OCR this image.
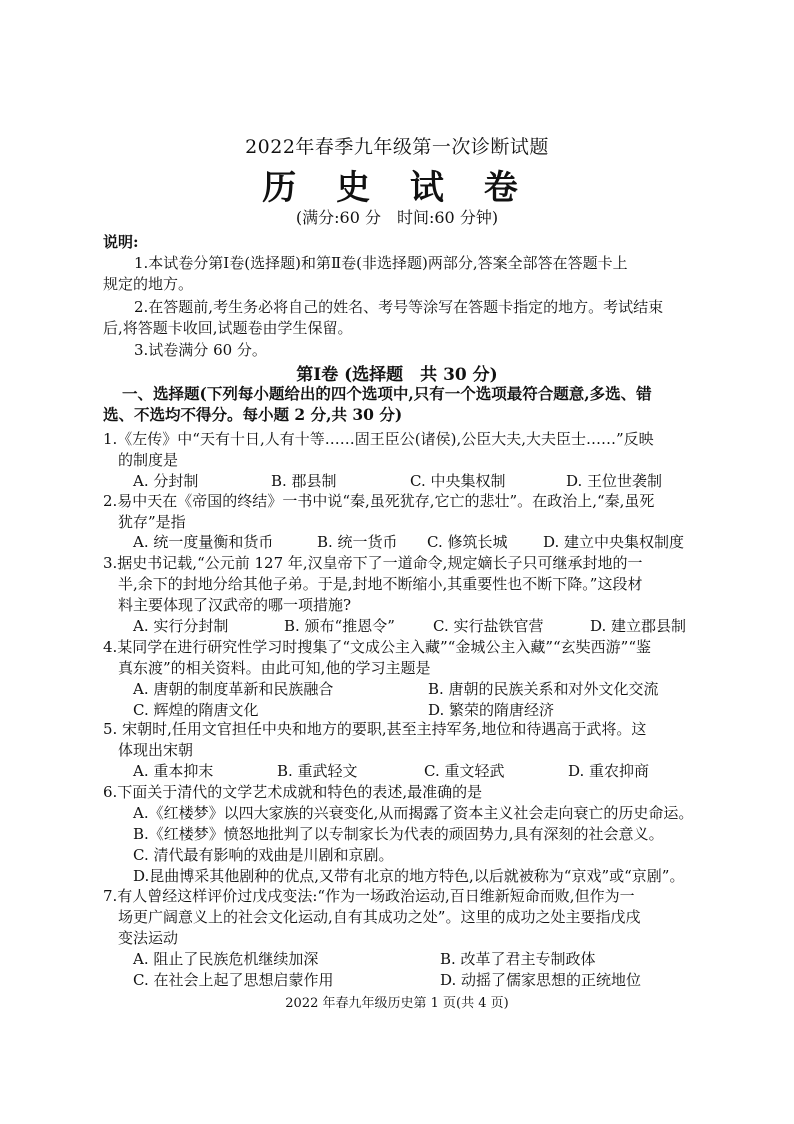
2022年春季九年级第一次诊断试题
历 史 试 卷
(满分:60 分　时间:60 分钟)
说明:
1.本试卷分第Ⅰ卷(选择题)和第Ⅱ卷(非选择题)两部分,答案全部答在答题卡上
规定的地方。
2.在答题前,考生务必将自己的姓名、考号等涂写在答题卡指定的地方。考试结束
后,将答题卡收回,试题卷由学生保留。
3.试卷满分 60 分。
第Ⅰ卷 (选择题　共 30 分)
一、选择题(下列每小题给出的四个选项中,只有一个选项最符合题意,多选、错
选、不选均不得分。每小题 2 分,共 30 分)
1.《左传》中“天有十日,人有十等……固王臣公(诸侯),公臣大夫,大夫臣士……”反映
　的制度是
A. 分封制	B. 郡县制	C. 中央集权制	D. 王位世袭制
2.易中天在《帝国的终结》一书中说“秦,虽死犹存,它亡的悲壮”。在政治上,“秦,虽死
　犹存”是指
A. 统一度量衡和货币	B. 统一货币 C. 修筑长城 D. 建立中央集权制度
3.据史书记载,“公元前 127 年,汉皇帝下了一道命令,规定嫡长子只可继承封地的一
　半,余下的封地分给其他子弟。于是,封地不断缩小,其重要性也不断下降。”这段材
　料主要体现了汉武帝的哪一项措施?
A. 实行分封制	B. 颁布“推恩令”	C. 实行盐铁官营	D. 建立郡县制
4.某同学在进行研究性学习时搜集了“文成公主入藏”“金城公主入藏”“玄奘西游”“鉴
　真东渡”的相关资料。由此可知,他的学习主题是
A. 唐朝的制度革新和民族融合	B. 唐朝的民族关系和对外文化交流
C. 辉煌的隋唐文化	D. 繁荣的隋唐经济
5. 宋朝时,任用文官担任中央和地方的要职,甚至主持军务,地位和待遇高于武将。这
　体现出宋朝
A. 重本抑末	B. 重武轻文	C. 重文轻武	D. 重农抑商
6.下面关于清代的文学艺术成就和特色的表述,最准确的是
A.《红楼梦》以四大家族的兴衰变化,从而揭露了资本主义社会走向衰亡的历史命运。
B.《红楼梦》愤怒地批判了以专制家长为代表的顽固势力,具有深刻的社会意义。
C. 清代最有影响的戏曲是川剧和京剧。
D.昆曲博采其他剧种的优点,又带有北京的地方特色,以后就被称为“京戏”或“京剧”。
7.有人曾经这样评价过戊戌变法:“作为一场政治运动,百日维新短命而败,但作为一
　场更广阔意义上的社会文化运动,自有其成功之处”。这里的成功之处主要指戊戌
　变法运动
A. 阻止了民族危机继续加深	B. 改革了君主专制政体
C. 在社会上起了思想启蒙作用	D. 动摇了儒家思想的正统地位
2022 年春九年级历史第 1 页(共 4 页)
